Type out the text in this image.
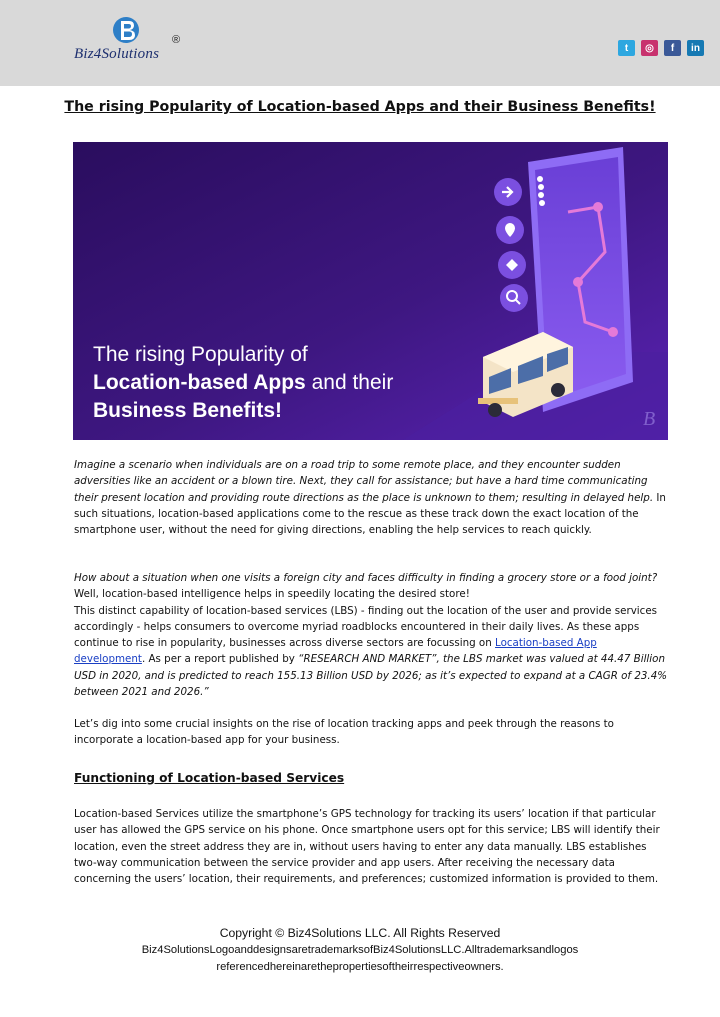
Biz4Solutions
®
t	◎	f	in
The rising Popularity of Location-based Apps and their Business Benefits!
B
The rising Popularity of
Location-based Apps and their
Business Benefits!

Imagine a scenario when individuals are on a road trip to some remote place, and they encounter sudden adversities like an accident or a blown tire. Next, they call for assistance; but have a hard time communicating their present location and providing route directions as the place is unknown to them; resulting in delayed help. In such situations, location-based applications come to the rescue as these track down the exact location of the smartphone user, without the need for giving directions, enabling the help services to reach quickly.

How about a situation when one visits a foreign city and faces difficulty in finding a grocery store or a food joint? Well, location-based intelligence helps in speedily locating the desired store!
This distinct capability of location-based services (LBS) - finding out the location of the user and provide services accordingly - helps consumers to overcome myriad roadblocks encountered in their daily lives. As these apps continue to rise in popularity, businesses across diverse sectors are focussing on Location-based App development. As per a report published by “RESEARCH AND MARKET”, the LBS market was valued at 44.47 Billion USD in 2020, and is predicted to reach 155.13 Billion USD by 2026; as it’s expected to expand at a CAGR of 23.4% between 2021 and 2026.”

Let’s dig into some crucial insights on the rise of location tracking apps and peek through the reasons to incorporate a location-based app for your business.

Functioning of Location-based Services

Location-based Services utilize the smartphone’s GPS technology for tracking its users’ location if that particular user has allowed the GPS service on his phone. Once smartphone users opt for this service; LBS will identify their location, even the street address they are in, without users having to enter any data manually. LBS establishes two-way communication between the service provider and app users. After receiving the necessary data concerning the users’ location, their requirements, and preferences; customized information is provided to them.

Copyright © Biz4Solutions LLC. All Rights Reserved
Biz4SolutionsLogoanddesignsaretrademarksofBiz4SolutionsLLC.Alltrademarksandlogos
referencedhereinarethepropertiesoftheirrespectiveowners.
